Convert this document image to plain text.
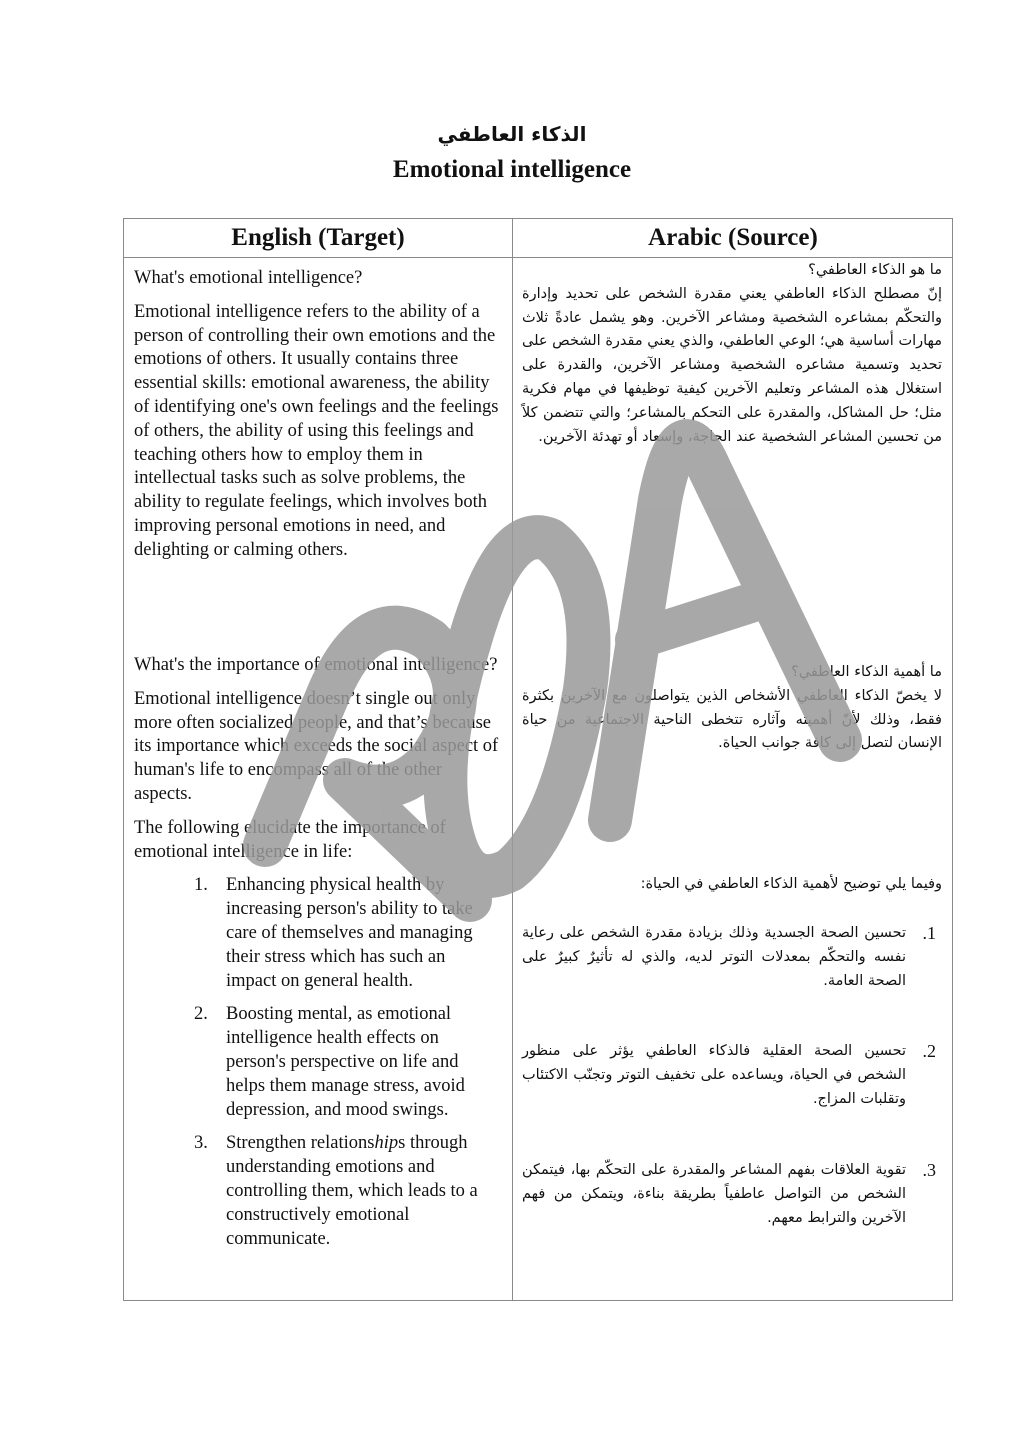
الذكاء العاطفي
Emotional intelligence
English (Target)	Arabic (Source)

What's emotional intelligence?

Emotional intelligence refers to the ability of a person of controlling their own emotions and the emotions of others. It usually contains three essential skills: emotional awareness, the ability of identifying one's own feelings and the feelings of others, the ability of using this feelings and teaching others how to employ them in intellectual tasks such as solve problems, the ability to regulate feelings, which involves both improving personal emotions in need, and delighting or calming others.

What's the importance of emotional intelligence?

Emotional intelligence doesn’t single out only more often socialized people, and that’s because its importance which exceeds the social aspect of human's life to encompass all of the other aspects.

The following elucidate the importance of emotional intelligence in life:

1. Enhancing physical health by increasing person's ability to take care of themselves and managing their stress which has such an impact on general health.
2. Boosting mental, as emotional intelligence health effects on person's perspective on life and helps them manage stress, avoid depression, and mood swings.
3. Strengthen relationships through understanding emotions and controlling them, which leads to a constructively emotional communicate.

ما هو الذكاء العاطفي؟

إنّ مصطلح الذكاء العاطفي يعني مقدرة الشخص على تحديد وإدارة والتحكّم بمشاعره الشخصية ومشاعر الآخرين. وهو يشمل عادةً ثلاث مهارات أساسية هي؛ الوعي العاطفي، والذي يعني مقدرة الشخص على تحديد وتسمية مشاعره الشخصية ومشاعر الآخرين، والقدرة على استغلال هذه المشاعر وتعليم الآخرين كيفية توظيفها في مهام فكرية مثل؛ حل المشاكل، والمقدرة على التحكم بالمشاعر؛ والتي تتضمن كلاً من تحسين المشاعر الشخصية عند الحاجة، وإسعاد أو تهدئة الآخرين.

ما أهمية الذكاء العاطفي؟

لا يخصّ الذكاء العاطفي الأشخاص الذين يتواصلون مع الآخرين بكثرة فقط، وذلك لأنّ أهميته وآثاره تتخطى الناحية الاجتماعية من حياة الإنسان لتصل إلى كافة جوانب الحياة.

وفيما يلي توضيح لأهمية الذكاء العاطفي في الحياة:
1.
تحسين الصحة الجسدية وذلك بزيادة مقدرة الشخص على رعاية نفسه والتحكّم بمعدلات التوتر لديه، والذي له تأثيرٌ كبيرٌ على الصحة العامة.
2.
تحسين الصحة العقلية فالذكاء العاطفي يؤثر على منظور الشخص في الحياة، ويساعده على تخفيف التوتر وتجنّب الاكتئاب وتقلبات المزاج.
3.
تقوية العلاقات بفهم المشاعر والمقدرة على التحكّم بها، فيتمكن الشخص من التواصل عاطفياً بطريقة بناءة، ويتمكن من فهم الآخرين والترابط معهم.
